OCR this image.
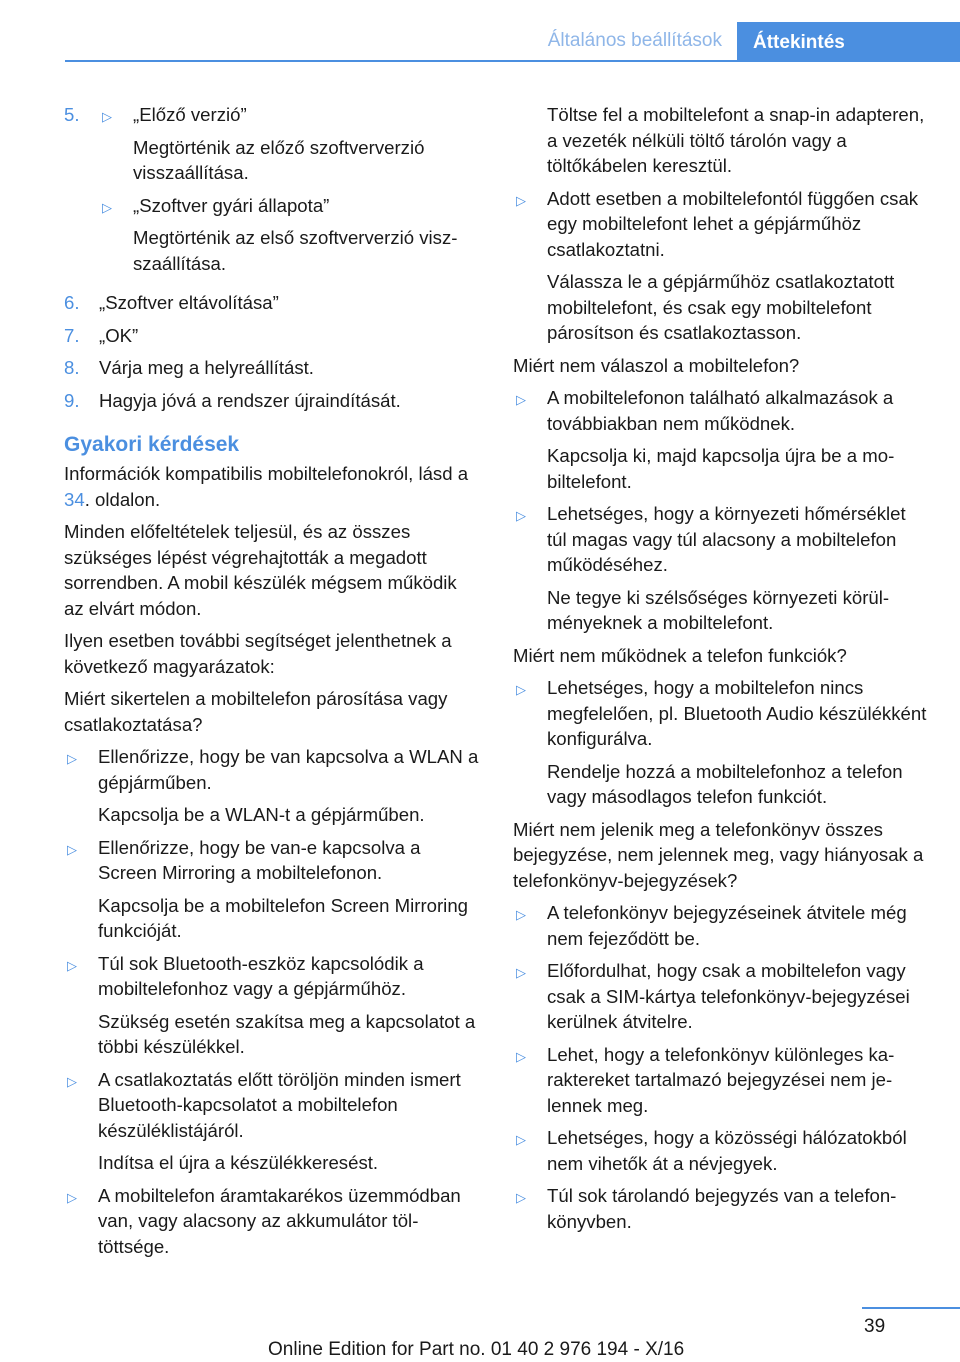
Általános beállítások	Áttekintés
5.	▷	„Előző verzió”
Megtörténik az előző szoftververzió visszaállítása.
▷	„Szoftver gyári állapota”
Megtörténik az első szoftververzió viszszaállítása.
6.	„Szoftver eltávolítása”
7.	„OK”
8.	Várja meg a helyreállítást.
9.	Hagyja jóvá a rendszer újraindítását.
Gyakori kérdések

Információk kompatibilis mobiltelefonokról, lásd a 34. oldalon.

Minden előfeltételek teljesül, és az összes szükséges lépést végrehajtották a megadott sorrendben. A mobil készülék mégsem működik az elvárt módon.

Ilyen esetben további segítséget jelenthetnek a következő magyarázatok:

Miért sikertelen a mobiltelefon párosítása vagy csatlakoztatása?

▷	Ellenőrizze, hogy be van kapcsolva a WLAN a gépjárműben.
Kapcsolja be a WLAN-t a gépjárműben.
▷	Ellenőrizze, hogy be van-e kapcsolva a Screen Mirroring a mobiltelefonon.
Kapcsolja be a mobiltelefon Screen Mirroring funkcióját.
▷	Túl sok Bluetooth-eszköz kapcsolódik a mobiltelefonhoz vagy a gépjárműhöz.
Szükség esetén szakítsa meg a kapcsolatot a többi készülékkel.
▷	A csatlakoztatás előtt töröljön minden ismert Bluetooth-kapcsolatot a mobiltelefon készüléklistájáról.
Indítsa el újra a készülékkeresést.
▷	A mobiltelefon áramtakarékos üzemmódban van, vagy alacsony az akkumulátor töltöttsége.

Töltse fel a mobiltelefont a snap-in adapteren, a vezeték nélküli töltő tárolón vagy a töltőkábelen keresztül.

▷	Adott esetben a mobiltelefontól függően csak egy mobiltelefont lehet a gépjárműhöz csatlakoztatni.
Válassza le a gépjárműhöz csatlakoztatott mobiltelefont, és csak egy mobiltelefont párosítson és csatlakoztasson.

Miért nem válaszol a mobiltelefon?

▷	A mobiltelefonon található alkalmazások a továbbiakban nem működnek.
Kapcsolja ki, majd kapcsolja újra be a mobiltelefont.
▷	Lehetséges, hogy a környezeti hőmérséklet túl magas vagy túl alacsony a mobiltelefon működéséhez.
Ne tegye ki szélsőséges környezeti körülményeknek a mobiltelefont.

Miért nem működnek a telefon funkciók?

▷	Lehetséges, hogy a mobiltelefon nincs megfelelően, pl. Bluetooth Audio készülékként konfigurálva.
Rendelje hozzá a mobiltelefonhoz a telefon vagy másodlagos telefon funkciót.

Miért nem jelenik meg a telefonkönyv összes bejegyzése, nem jelennek meg, vagy hiányosak a telefonkönyv-bejegyzések?

▷	A telefonkönyv bejegyzéseinek átvitele még nem fejeződött be.
▷	Előfordulhat, hogy csak a mobiltelefon vagy csak a SIM-kártya telefonkönyv-bejegyzései kerülnek átvitelre.
▷	Lehet, hogy a telefonkönyv különleges karaktereket tartalmazó bejegyzései nem jelennek meg.
▷	Lehetséges, hogy a közösségi hálózatokból nem vihetők át a névjegyek.
▷	Túl sok tárolandó bejegyzés van a telefonkönyvben.
39
Online Edition for Part no. 01 40 2 976 194 - X/16
